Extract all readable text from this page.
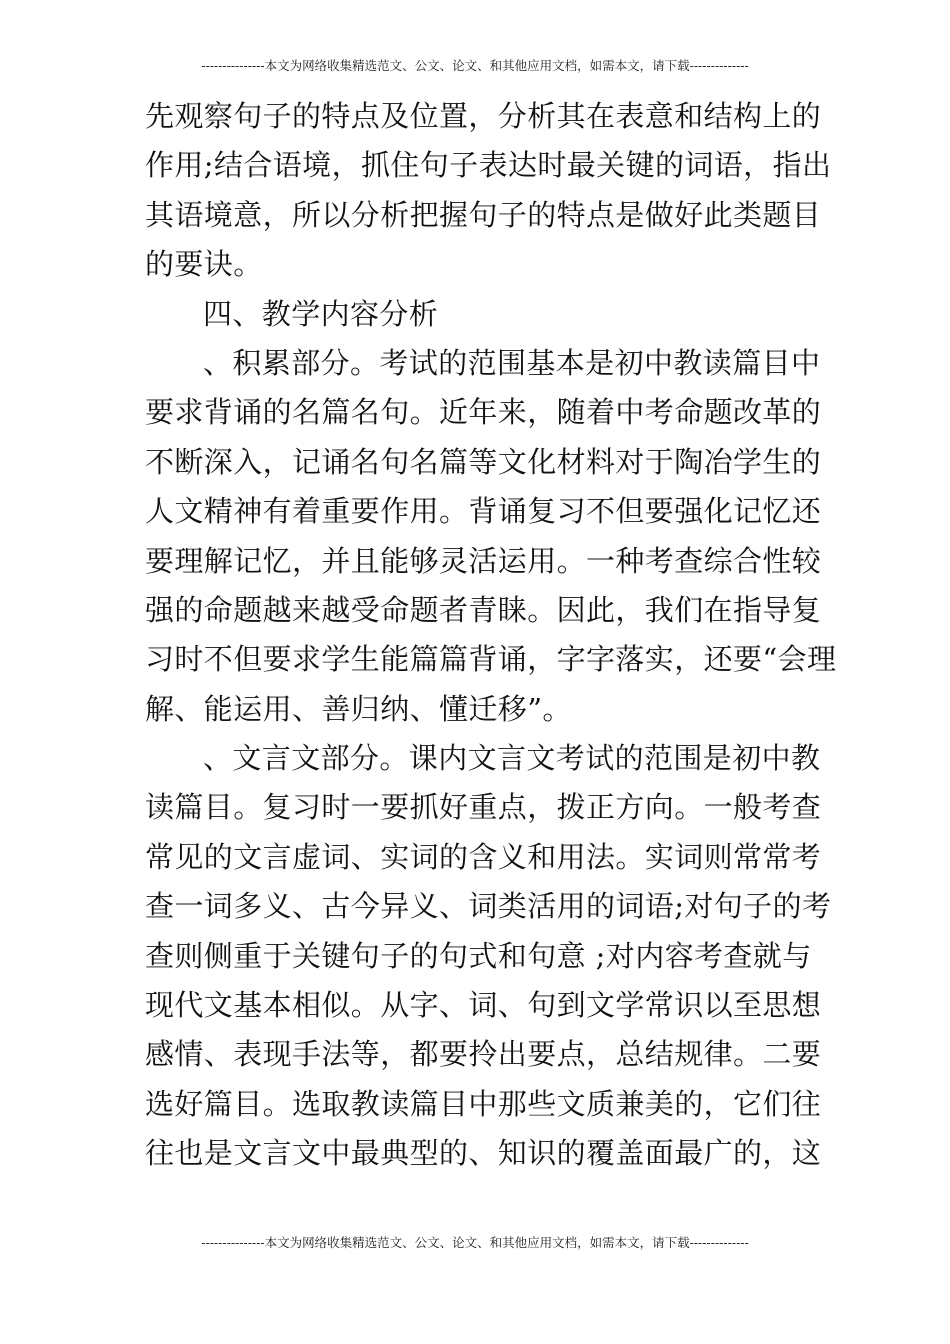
---------------本文为网络收集精选范文、公文、论文、和其他应用文档，如需本文，请下载--------------
先观察句子的特点及位置，分析其在表意和结构上的
作用;结合语境，抓住句子表达时最关键的词语，指出
其语境意，所以分析把握句子的特点是做好此类题目
的要诀。
四、教学内容分析
、积累部分。考试的范围基本是初中教读篇目中
要求背诵的名篇名句。近年来，随着中考命题改革的
不断深入，记诵名句名篇等文化材料对于陶冶学生的
人文精神有着重要作用。背诵复习不但要强化记忆还
要理解记忆，并且能够灵活运用。一种考查综合性较
强的命题越来越受命题者青睐。因此，我们在指导复
习时不但要求学生能篇篇背诵，字字落实，还要“会理
解、能运用、善归纳、懂迁移”。
、文言文部分。课内文言文考试的范围是初中教
读篇目。复习时一要抓好重点，拨正方向。一般考查
常见的文言虚词、实词的含义和用法。实词则常常考
查一词多义、古今异义、词类活用的词语;对句子的考
查则侧重于关键句子的句式和句意 ;对内容考查就与
现代文基本相似。从字、词、句到文学常识以至思想
感情、表现手法等，都要拎出要点，总结规律。二要
选好篇目。选取教读篇目中那些文质兼美的，它们往
往也是文言文中最典型的、知识的覆盖面最广的，这
---------------本文为网络收集精选范文、公文、论文、和其他应用文档，如需本文，请下载--------------
